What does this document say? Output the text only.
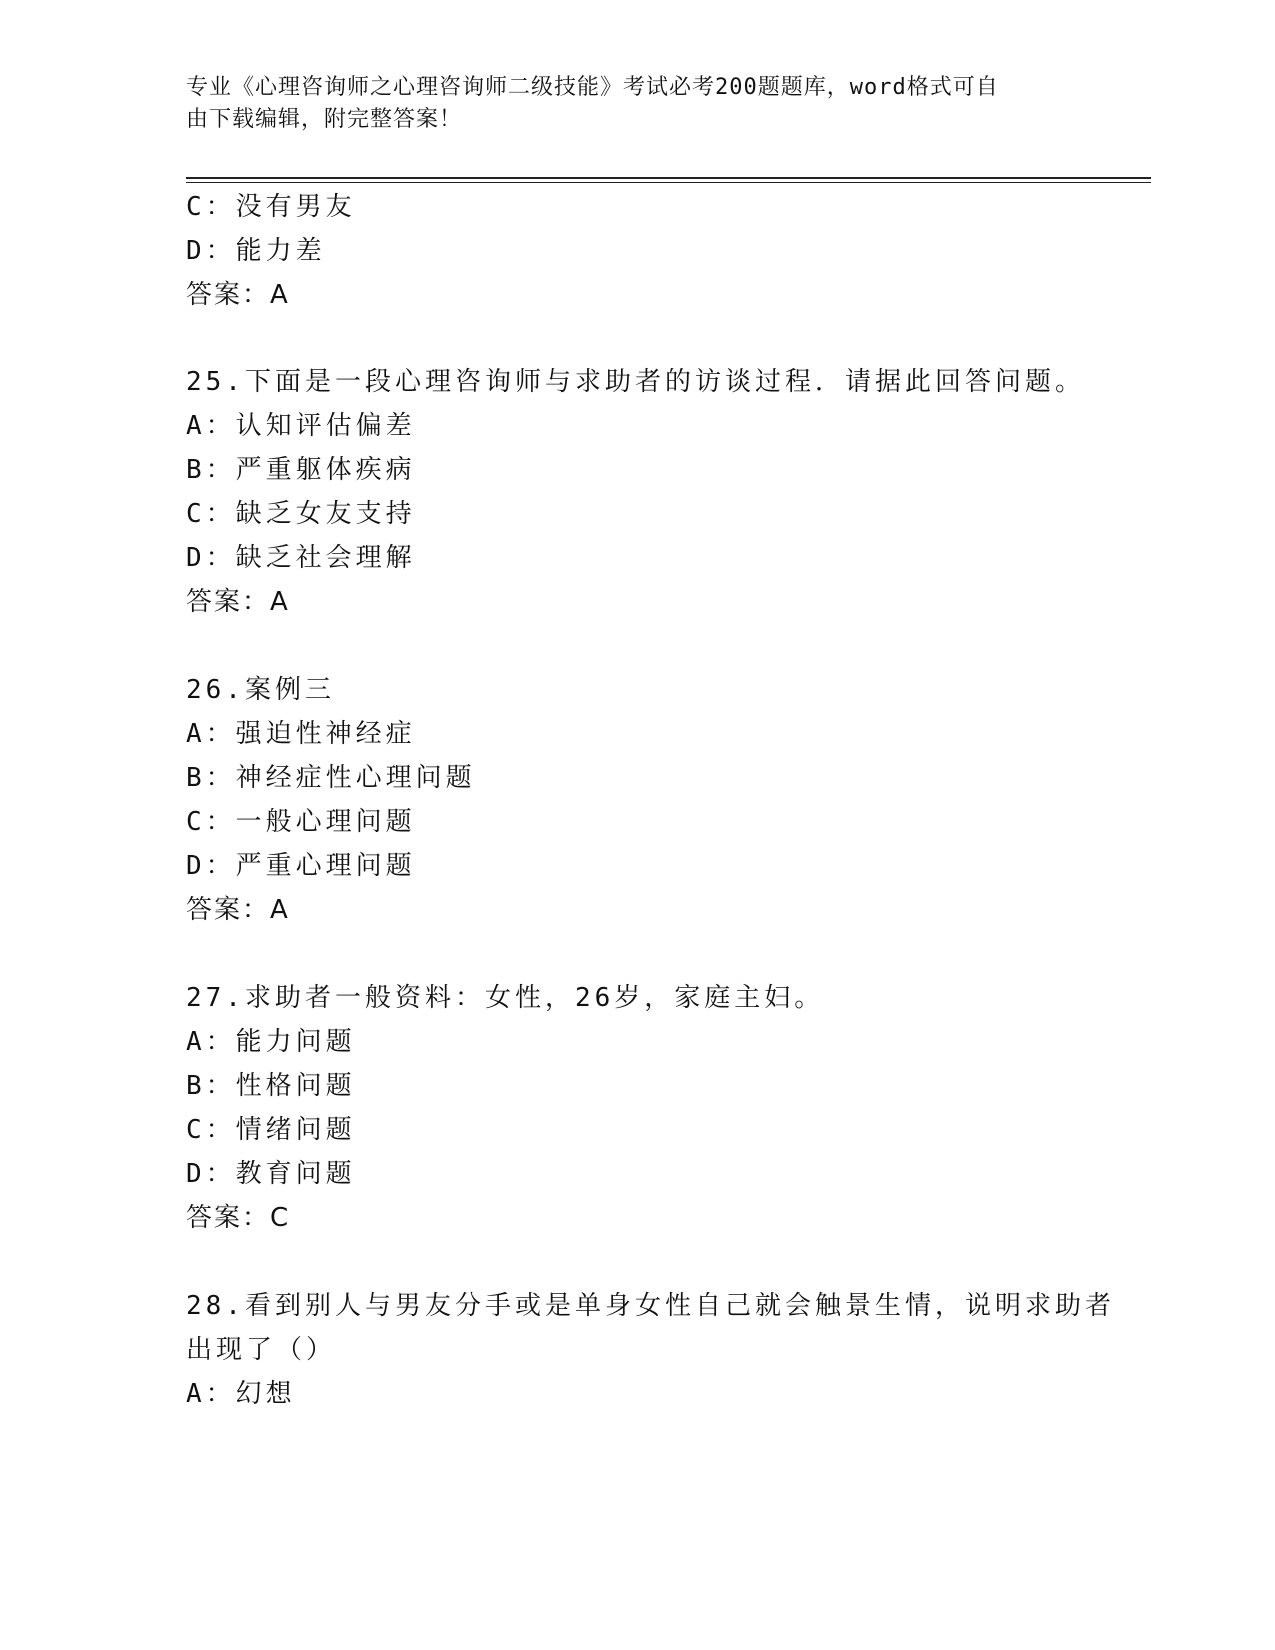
专业《心理咨询师之心理咨询师二级技能》考试必考200题题库，word格式可自
由下载编辑，附完整答案！
C：没有男友
D：能力差
答案：A
25.下面是一段心理咨询师与求助者的访谈过程．请据此回答问题。
A：认知评估偏差
B：严重躯体疾病
C：缺乏女友支持
D：缺乏社会理解
答案：A
26.案例三
A：强迫性神经症
B：神经症性心理问题
C：一般心理问题
D：严重心理问题
答案：A
27.求助者一般资料：女性，26岁，家庭主妇。
A：能力问题
B：性格问题
C：情绪问题
D：教育问题
答案：C
28.看到别人与男友分手或是单身女性自己就会触景生情，说明求助者
出现了（）
A：幻想
